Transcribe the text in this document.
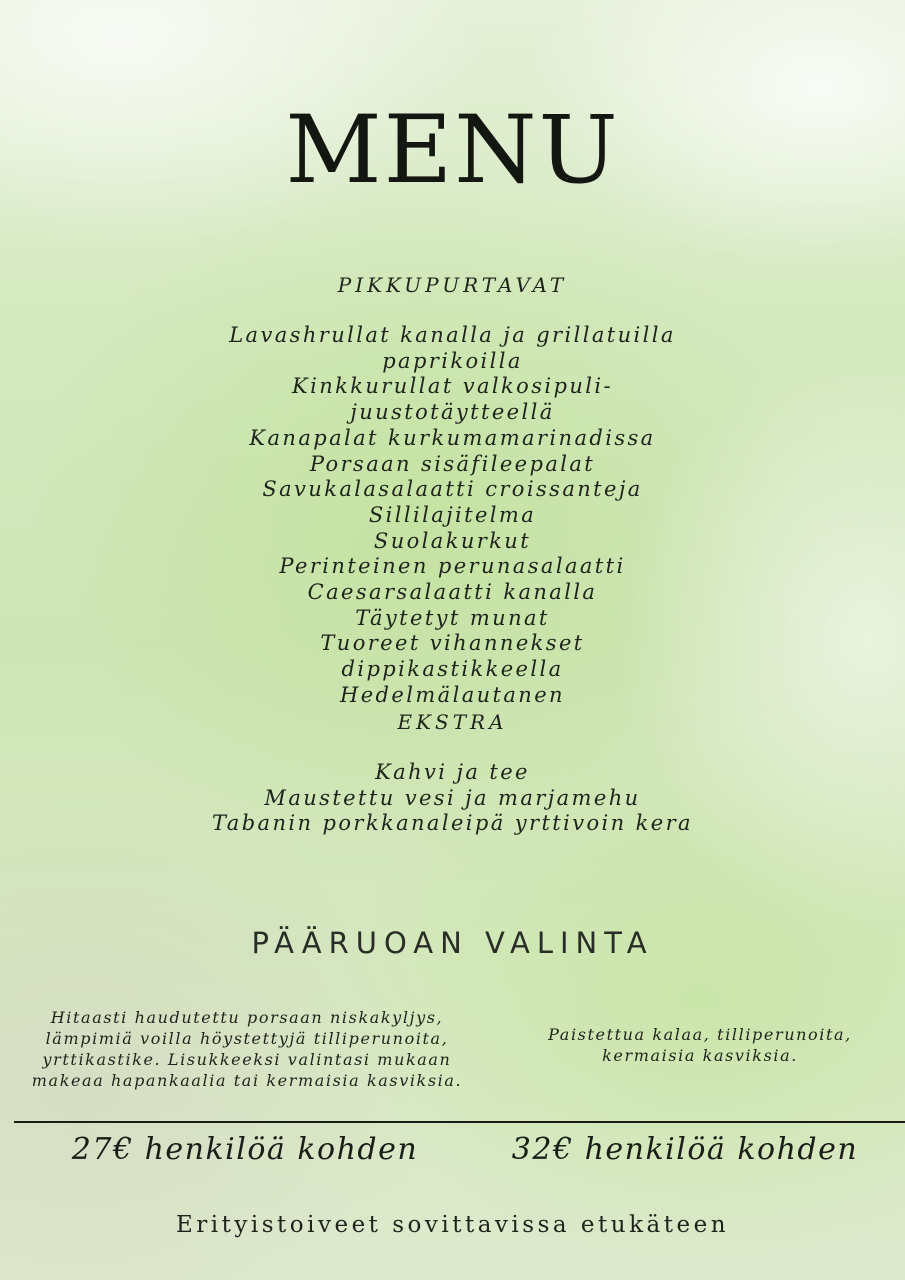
MENU
PIKKUPURTAVAT
Lavashrullat kanalla ja grillatuilla paprikoilla
Kinkkurullat valkosipuli-juustotäytteellä
Kanapalat kurkumamarinadissa
Porsaan sisäfileepalat
Savukalasalaatti croissanteja
Sillilajitelma
Suolakurkut
Perinteinen perunasalaatti
Caesarsalaatti kanalla
Täytetyt munat
Tuoreet vihannekset dippikastikkeella
Hedelmälautanen
EKSTRA
Kahvi ja tee
Maustettu vesi ja marjamehu
Tabanin porkkanaleipä yrttivoin kera
PÄÄRUOAN VALINTA
Hitaasti haudutettu porsaan niskakyljys, lämpimiä voilla höystettyjä tilliperunoita, yrttikastike. Lisukkeeksi valintasi mukaan makeaa hapankaalia tai kermaisia kasviksia.
Paistettua kalaa, tilliperunoita, kermaisia kasviksia.
27€ henkilöä kohden	32€ henkilöä kohden
Erityistoiveet sovittavissa etukäteen
